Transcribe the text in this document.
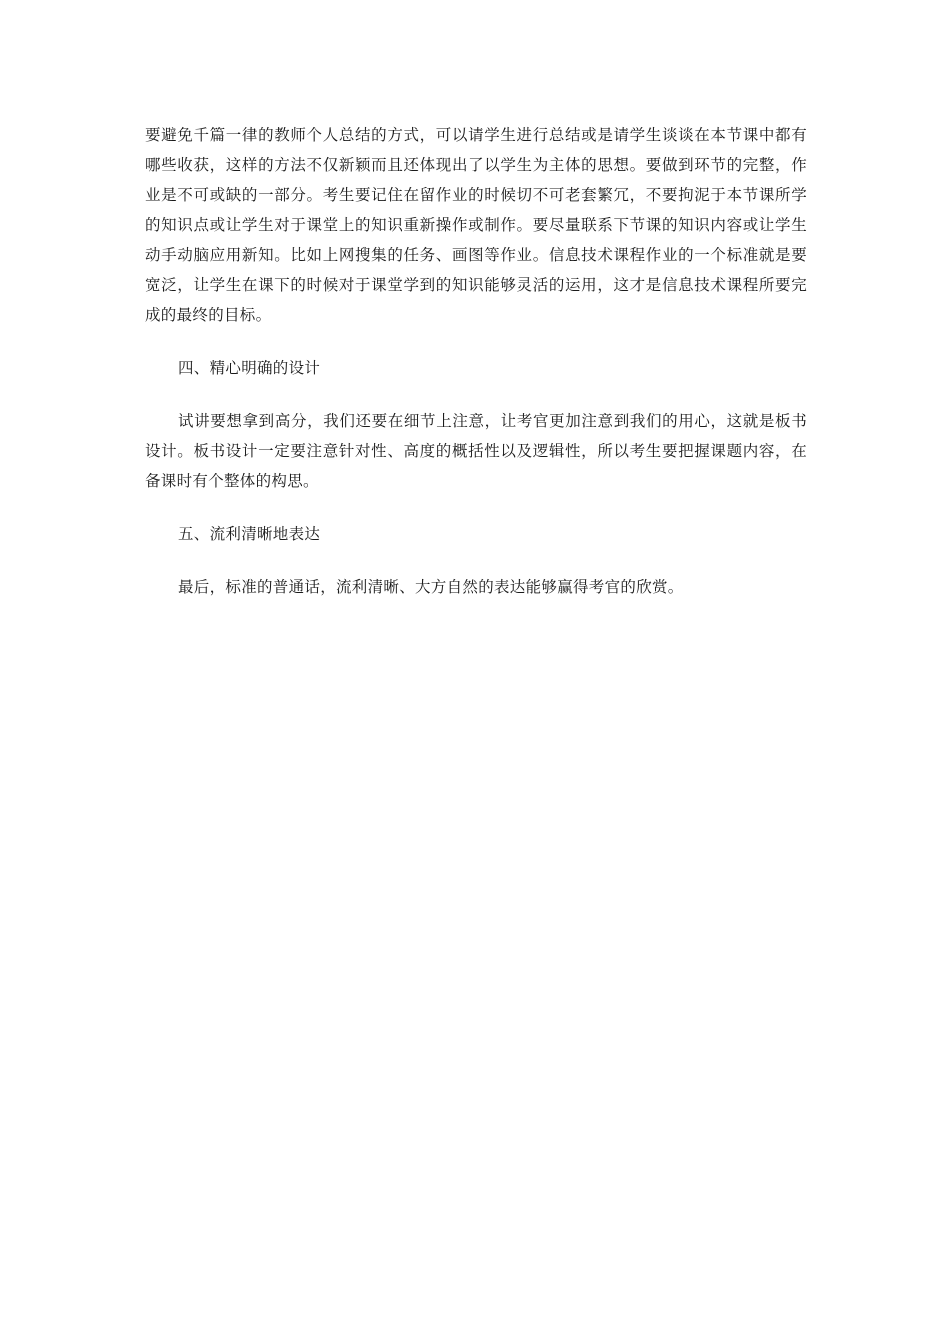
要避免千篇一律的教师个人总结的方式，可以请学生进行总结或是请学生谈谈在本节课中都有哪些收获，这样的方法不仅新颖而且还体现出了以学生为主体的思想。要做到环节的完整，作业是不可或缺的一部分。考生要记住在留作业的时候切不可老套繁冗，不要拘泥于本节课所学的知识点或让学生对于课堂上的知识重新操作或制作。要尽量联系下节课的知识内容或让学生动手动脑应用新知。比如上网搜集的任务、画图等作业。信息技术课程作业的一个标准就是要宽泛，让学生在课下的时候对于课堂学到的知识能够灵活的运用，这才是信息技术课程所要完成的最终的目标。

四、精心明确的设计

试讲要想拿到高分，我们还要在细节上注意，让考官更加注意到我们的用心，这就是板书设计。板书设计一定要注意针对性、高度的概括性以及逻辑性，所以考生要把握课题内容，在备课时有个整体的构思。

五、流利清晰地表达

最后，标准的普通话，流利清晰、大方自然的表达能够赢得考官的欣赏。
